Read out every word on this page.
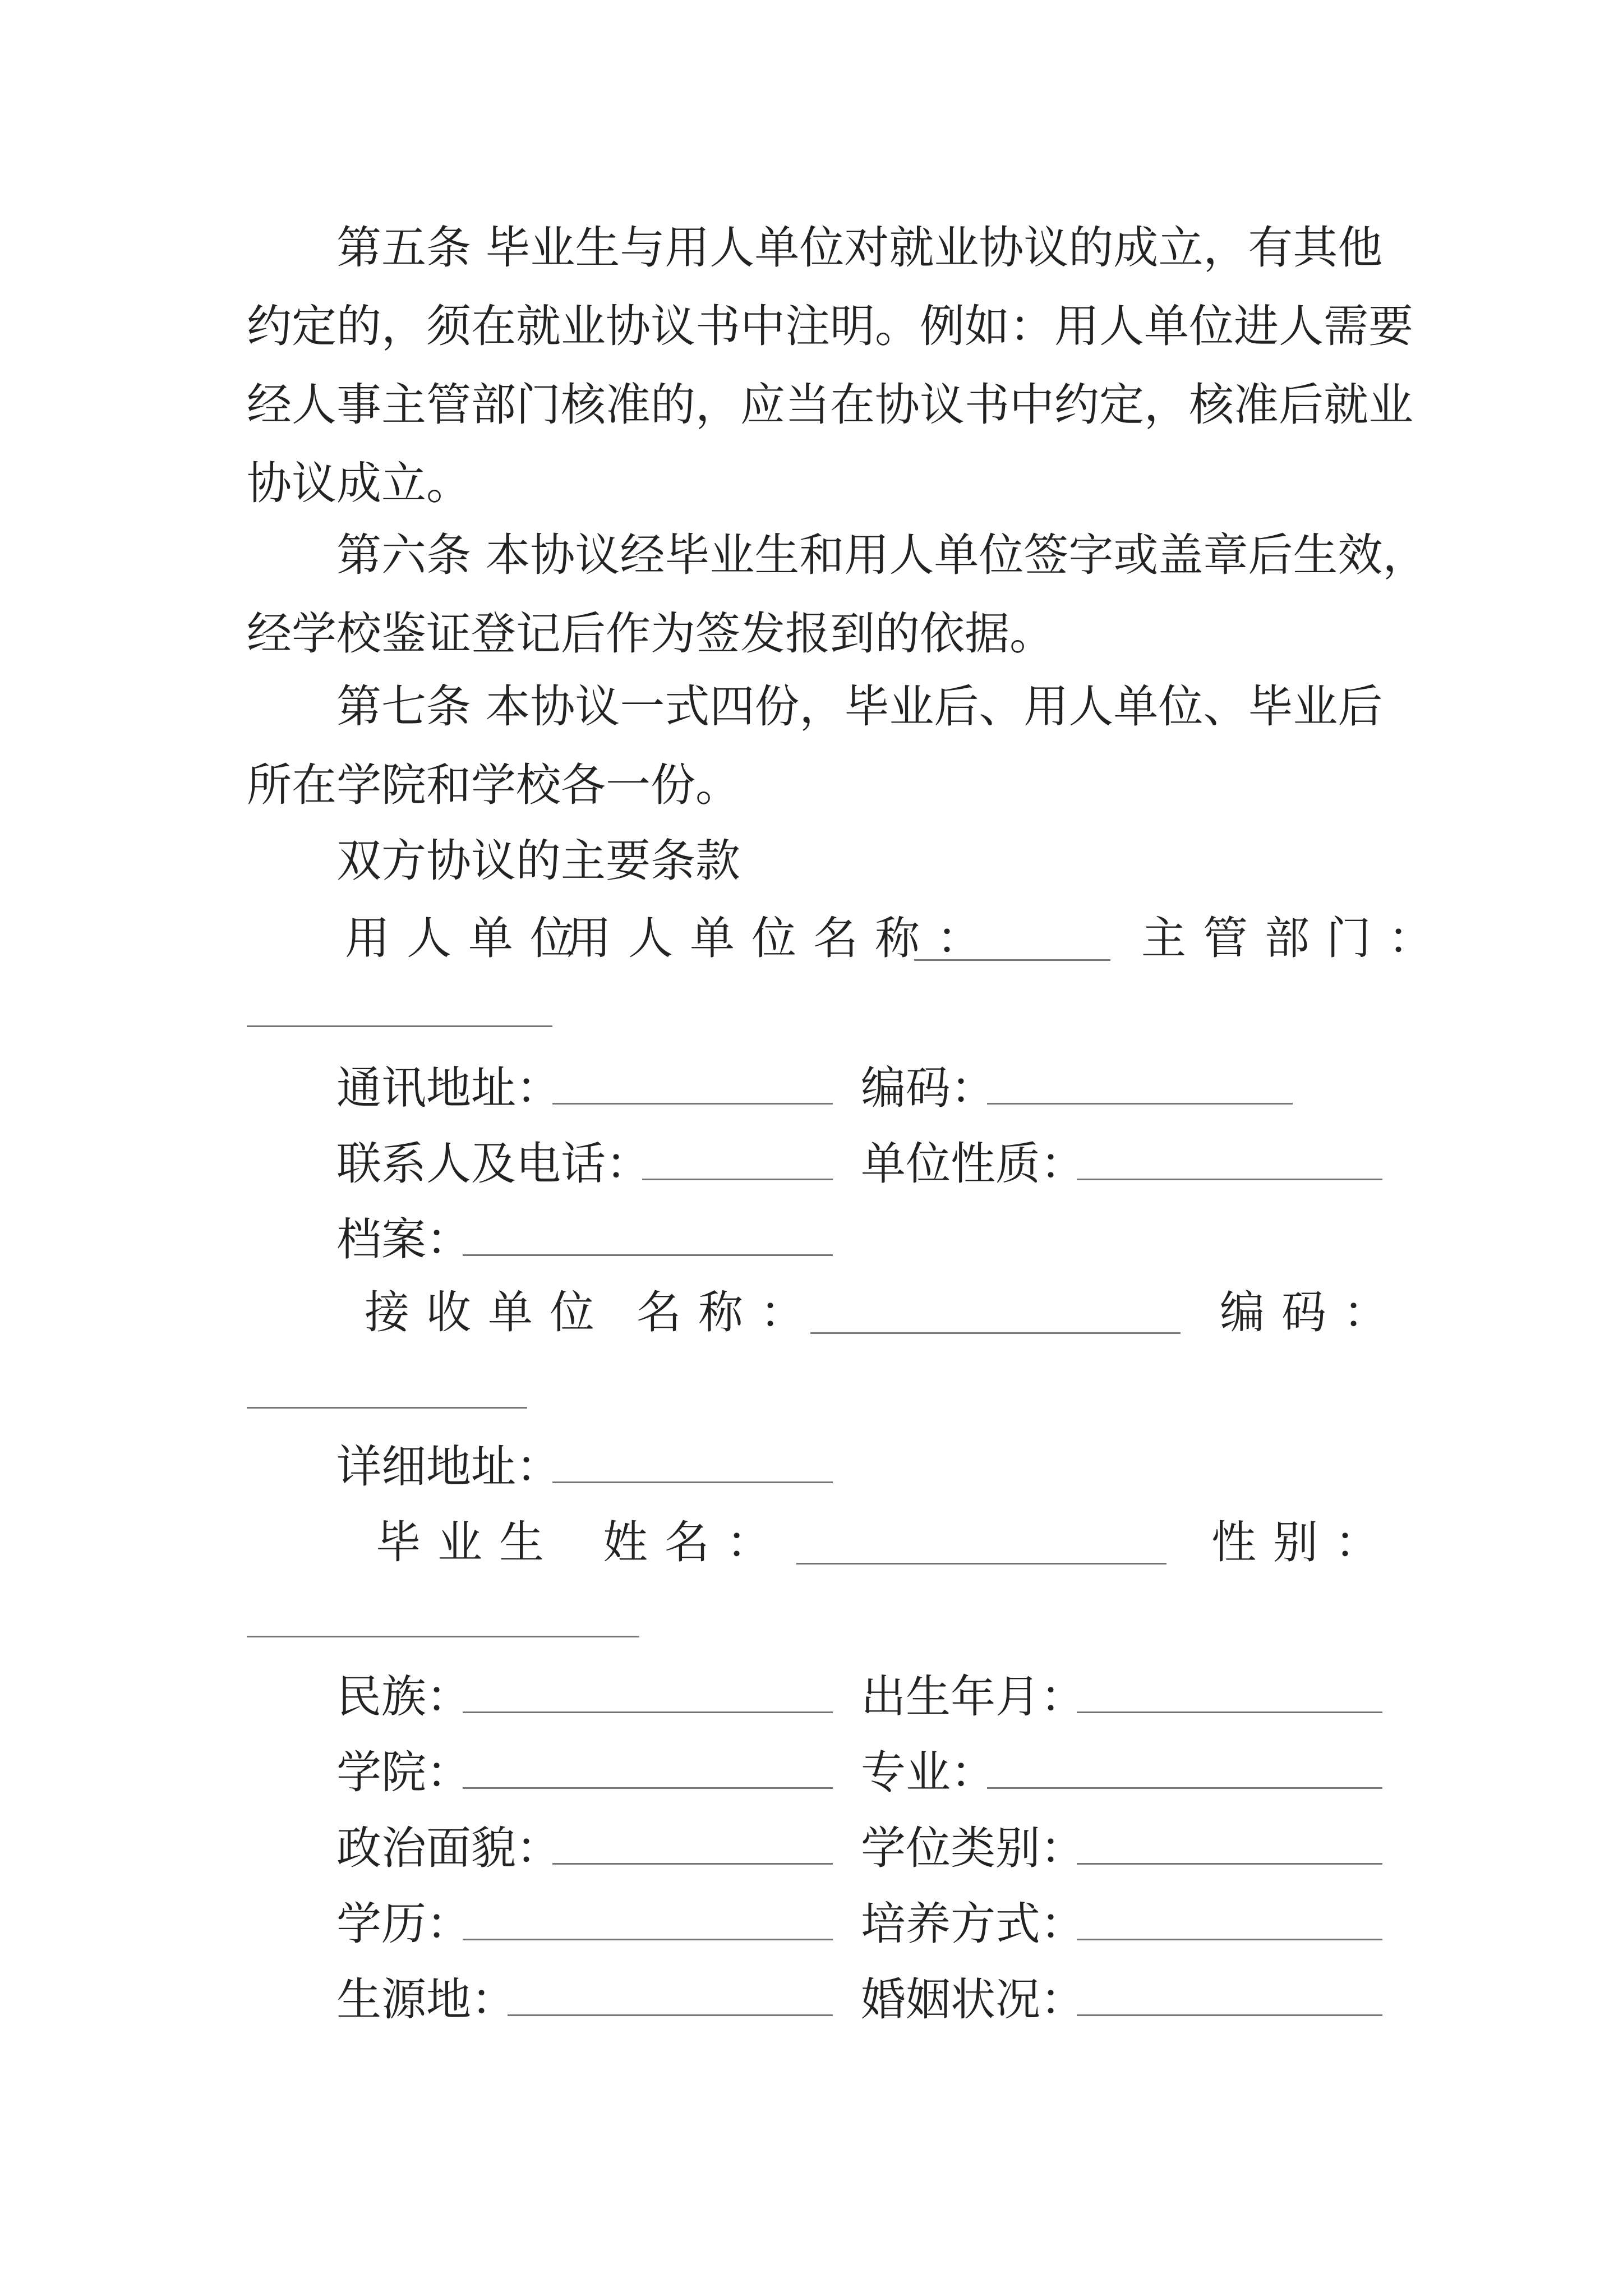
第五条 毕业生与用人单位对就业协议的成立，有其他
约定的，须在就业协议书中注明。例如：用人单位进人需要
经人事主管部门核准的，应当在协议书中约定，核准后就业
协议成立。
第六条 本协议经毕业生和用人单位签字或盖章后生效，
经学校鉴证登记后作为签发报到的依据。
第七条 本协议一式四份，毕业后、用人单位、毕业后
所在学院和学校各一份。
双方协议的主要条款
用人单位
用人单位名称：	主管部门：
通讯地址：	编码：
联系人及电话：	单位性质：
档案：
接收单位 名称：	编码：
详细地址：
毕业生 姓名：	性别：
民族：	出生年月：
学院：	专业：
政治面貌：	学位类别：
学历：	培养方式：
生源地：	婚姻状况：
